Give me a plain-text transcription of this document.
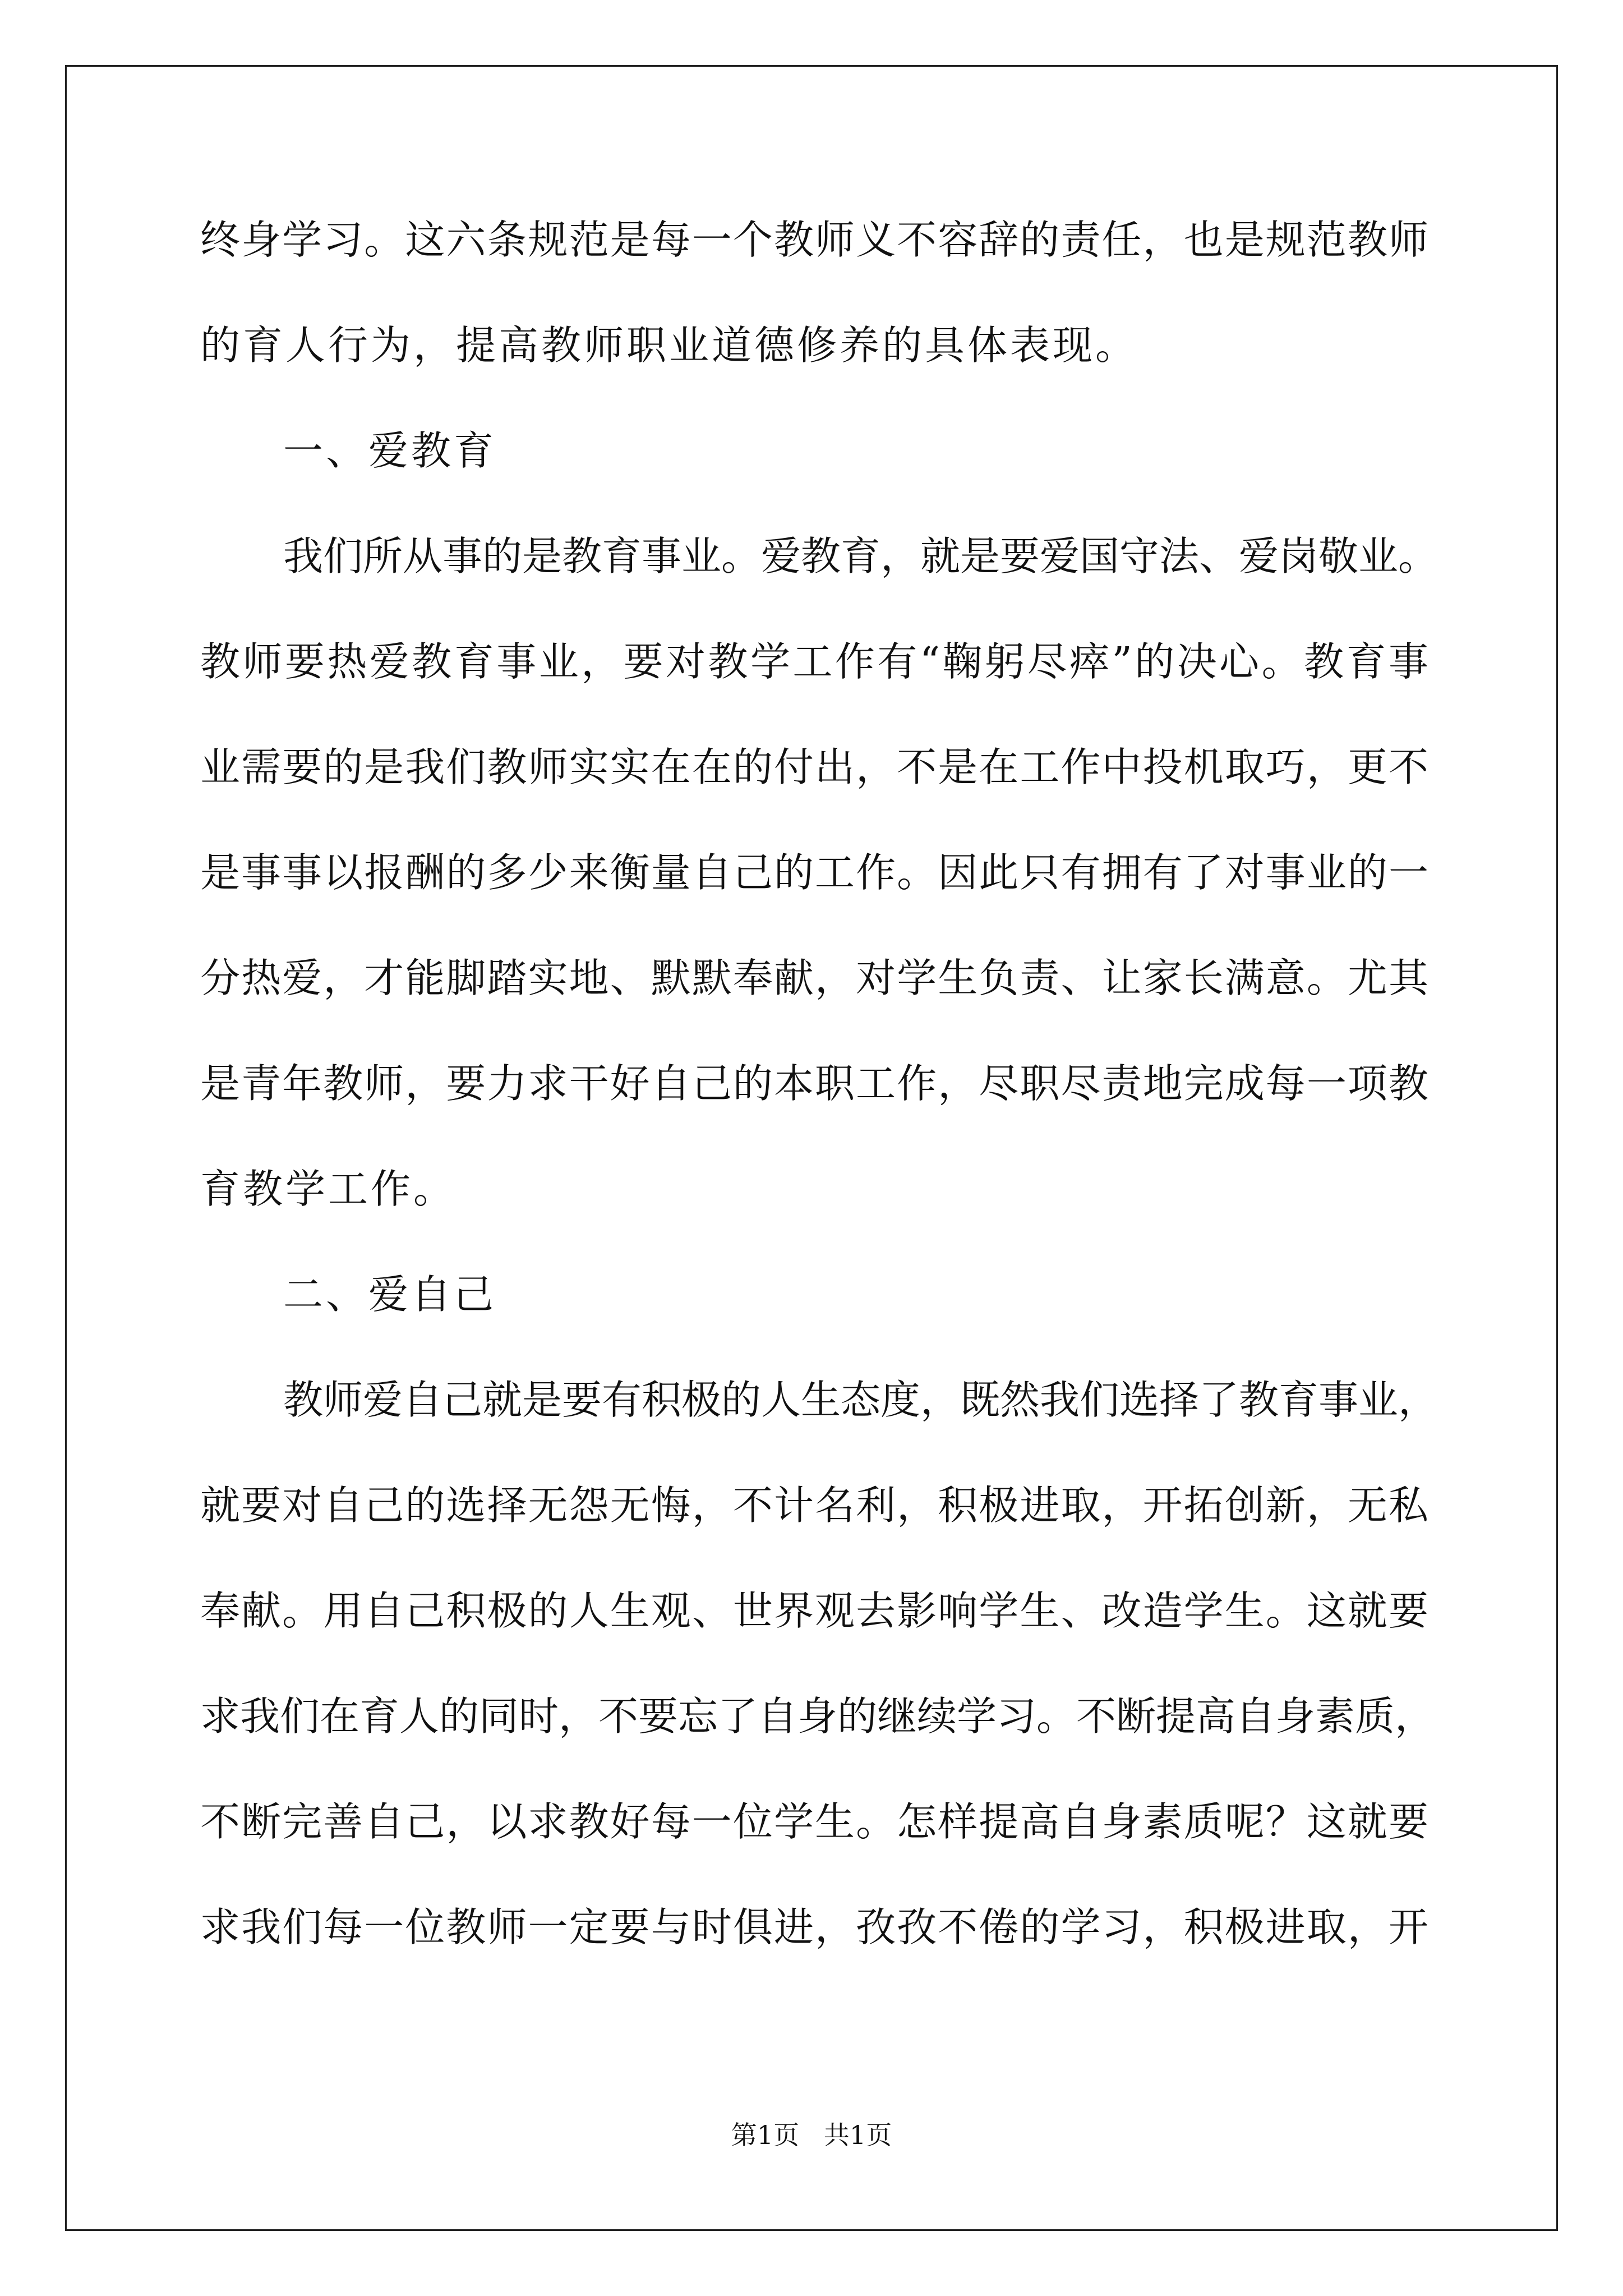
终身学习。这六条规范是每一个教师义不容辞的责任，也是规范教师
的育人行为，提高教师职业道德修养的具体表现。
一、爱教育
我们所从事的是教育事业。爱教育，就是要爱国守法、爱岗敬业。
教师要热爱教育事业，要对教学工作有“鞠躬尽瘁”的决心。教育事
业需要的是我们教师实实在在的付出，不是在工作中投机取巧，更不
是事事以报酬的多少来衡量自己的工作。因此只有拥有了对事业的一
分热爱，才能脚踏实地、默默奉献，对学生负责、让家长满意。尤其
是青年教师，要力求干好自己的本职工作，尽职尽责地完成每一项教
育教学工作。
二、爱自己
教师爱自己就是要有积极的人生态度，既然我们选择了教育事业，
就要对自己的选择无怨无悔，不计名利，积极进取，开拓创新，无私
奉献。用自己积极的人生观、世界观去影响学生、改造学生。这就要
求我们在育人的同时，不要忘了自身的继续学习。不断提高自身素质，
不断完善自己，以求教好每一位学生。怎样提高自身素质呢？这就要
求我们每一位教师一定要与时俱进，孜孜不倦的学习，积极进取，开
第1页   共1页
